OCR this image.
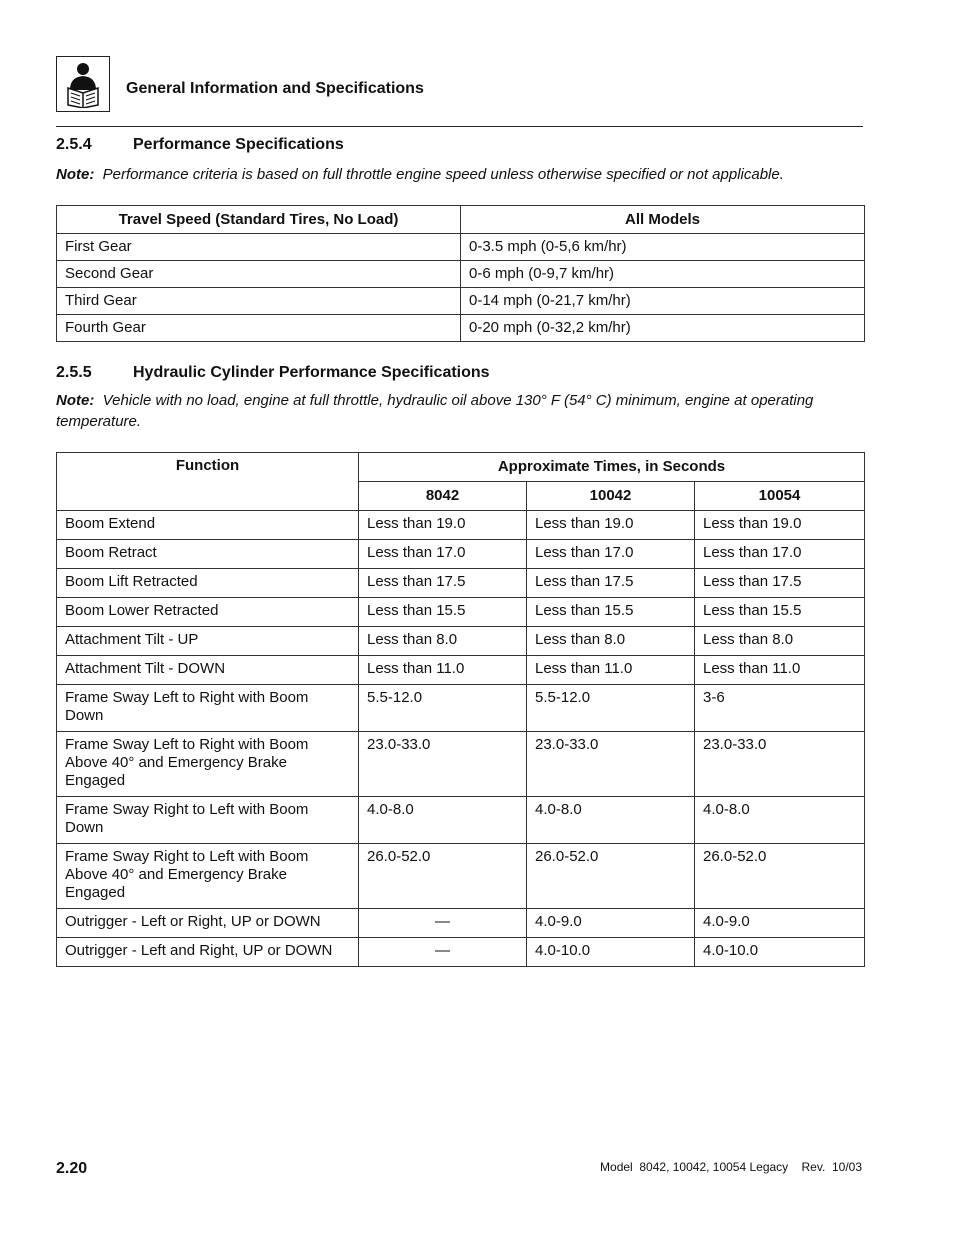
General Information and Specifications
2.5.4	Performance Specifications
Note: Performance criteria is based on full throttle engine speed unless otherwise specified or not applicable.
Travel Speed (Standard Tires, No Load)	All Models
First Gear	0-3.5 mph (0-5,6 km/hr)
Second Gear	0-6 mph (0-9,7 km/hr)
Third Gear	0-14 mph (0-21,7 km/hr)
Fourth Gear	0-20 mph (0-32,2 km/hr)
2.5.5	Hydraulic Cylinder Performance Specifications
Note: Vehicle with no load, engine at full throttle, hydraulic oil above 130° F (54° C) minimum, engine at operating temperature.
Function	Approximate Times, in Seconds		
	8042	10042	10054
Boom Extend	Less than 19.0	Less than 19.0	Less than 19.0
Boom Retract	Less than 17.0	Less than 17.0	Less than 17.0
Boom Lift Retracted	Less than 17.5	Less than 17.5	Less than 17.5
Boom Lower Retracted	Less than 15.5	Less than 15.5	Less than 15.5
Attachment Tilt - UP	Less than 8.0	Less than 8.0	Less than 8.0
Attachment Tilt - DOWN	Less than 11.0	Less than 11.0	Less than 11.0
Frame Sway Left to Right with Boom Down	5.5-12.0	5.5-12.0	3-6
Frame Sway Left to Right with Boom Above 40° and Emergency Brake Engaged	23.0-33.0	23.0-33.0	23.0-33.0
Frame Sway Right to Left with Boom Down	4.0-8.0	4.0-8.0	4.0-8.0
Frame Sway Right to Left with Boom Above 40° and Emergency Brake Engaged	26.0-52.0	26.0-52.0	26.0-52.0
Outrigger - Left or Right, UP or DOWN	—	4.0-9.0	4.0-9.0
Outrigger - Left and Right, UP or DOWN	—	4.0-10.0	4.0-10.0
2.20	Model  8042, 10042, 10054 Legacy    Rev.  10/03
